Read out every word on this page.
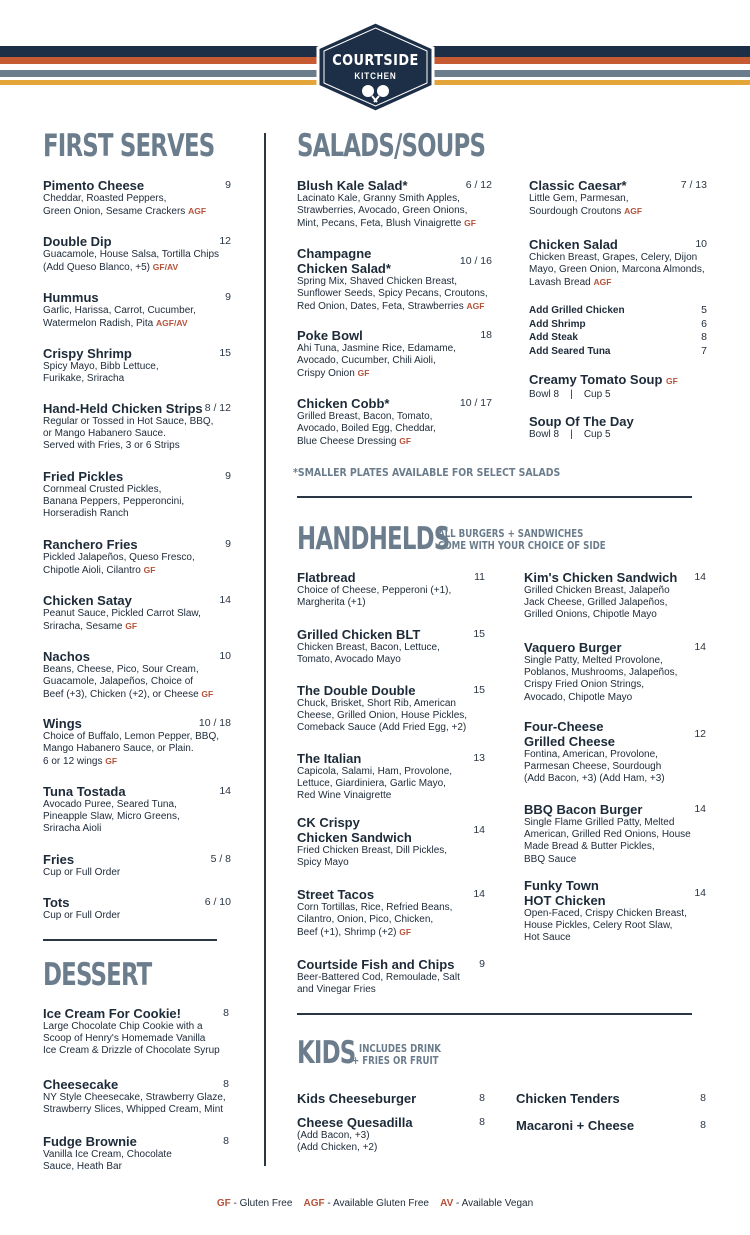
COURTSIDE
KITCHEN
FIRST SERVES	SALADS/SOUPS
HANDHELDS
ALL BURGERS + SANDWICHES
COME WITH YOUR CHOICE OF SIDE
DESSERT
KIDS INCLUDES DRINK
+ FRIES OR FRUIT
*SMALLER PLATES AVAILABLE FOR SELECT SALADS
Pimento Cheese	9
Cheddar, Roasted Peppers,
Green Onion, Sesame Crackers AGF
Double Dip	12
Guacamole, House Salsa, Tortilla Chips
(Add Queso Blanco, +5) GF/AV
Hummus	9
Garlic, Harissa, Carrot, Cucumber,
Watermelon Radish, Pita AGF/AV
Crispy Shrimp	15
Spicy Mayo, Bibb Lettuce,
Furikake, Sriracha
Hand-Held Chicken Strips 8 / 12
Regular or Tossed in Hot Sauce, BBQ,
or Mango Habanero Sauce.
Served with Fries, 3 or 6 Strips
Fried Pickles	9
Cornmeal Crusted Pickles,
Banana Peppers, Pepperoncini,
Horseradish Ranch
Ranchero Fries	9
Pickled Jalapeños, Queso Fresco,
Chipotle Aioli, Cilantro GF
Chicken Satay	14
Peanut Sauce, Pickled Carrot Slaw,
Sriracha, Sesame GF
Nachos	10
Beans, Cheese, Pico, Sour Cream,
Guacamole, Jalapeños, Choice of
Beef (+3), Chicken (+2), or Cheese GF
Wings	10 / 18
Choice of Buffalo, Lemon Pepper, BBQ,
Mango Habanero Sauce, or Plain.
6 or 12 wings GF
Tuna Tostada	14
Avocado Puree, Seared Tuna,
Pineapple Slaw, Micro Greens,
Sriracha Aioli
Fries	5 / 8
Cup or Full Order
Tots	6 / 10
Cup or Full Order
Blush Kale Salad*	6 / 12
Lacinato Kale, Granny Smith Apples,
Strawberries, Avocado, Green Onions,
Mint, Pecans, Feta, Blush Vinaigrette GF
Champagne
Chicken Salad*	10 / 16
Spring Mix, Shaved Chicken Breast,
Sunflower Seeds, Spicy Pecans, Croutons,
Red Onion, Dates, Feta, Strawberries AGF
Poke Bowl	18
Ahi Tuna, Jasmine Rice, Edamame,
Avocado, Cucumber, Chili Aioli,
Crispy Onion GF
Chicken Cobb*	10 / 17
Grilled Breast, Bacon, Tomato,
Avocado, Boiled Egg, Cheddar,
Blue Cheese Dressing GF
Classic Caesar*	7 / 13
Little Gem, Parmesan,
Sourdough Croutons AGF
Chicken Salad	10
Chicken Breast, Grapes, Celery, Dijon
Mayo, Green Onion, Marcona Almonds,
Lavash Bread AGF
Flatbread	11
Choice of Cheese, Pepperoni (+1),
Margherita (+1)
Grilled Chicken BLT	15
Chicken Breast, Bacon, Lettuce,
Tomato, Avocado Mayo
The Double Double	15
Chuck, Brisket, Short Rib, American
Cheese, Grilled Onion, House Pickles,
Comeback Sauce (Add Fried Egg, +2)
The Italian	13
Capicola, Salami, Ham, Provolone,
Lettuce, Giardiniera, Garlic Mayo,
Red Wine Vinaigrette
CK Crispy
Chicken Sandwich	14
Fried Chicken Breast, Dill Pickles,
Spicy Mayo
Street Tacos	14
Corn Tortillas, Rice, Refried Beans,
Cilantro, Onion, Pico, Chicken,
Beef (+1), Shrimp (+2) GF
Courtside Fish and Chips	9
Beer-Battered Cod, Remoulade, Salt
and Vinegar Fries
Kim's Chicken Sandwich	14
Grilled Chicken Breast, Jalapeño
Jack Cheese, Grilled Jalapeños,
Grilled Onions, Chipotle Mayo
Vaquero Burger	14
Single Patty, Melted Provolone,
Poblanos, Mushrooms, Jalapeños,
Crispy Fried Onion Strings,
Avocado, Chipotle Mayo
Four-Cheese
Grilled Cheese	12
Fontina, American, Provolone,
Parmesan Cheese, Sourdough
(Add Bacon, +3) (Add Ham, +3)
BBQ Bacon Burger	14
Single Flame Grilled Patty, Melted
American, Grilled Red Onions, House
Made Bread & Butter Pickles,
BBQ Sauce
Funky Town
HOT Chicken	14
Open-Faced, Crispy Chicken Breast,
House Pickles, Celery Root Slaw,
Hot Sauce
Ice Cream For Cookie!	8
Large Chocolate Chip Cookie with a
Scoop of Henry's Homemade Vanilla
Ice Cream & Drizzle of Chocolate Syrup
Cheesecake	8
NY Style Cheesecake, Strawberry Glaze,
Strawberry Slices, Whipped Cream, Mint
Fudge Brownie	8
Vanilla Ice Cream, Chocolate
Sauce, Heath Bar
Kids Cheeseburger	8
Cheese Quesadilla	8
(Add Bacon, +3)
(Add Chicken, +2)
Chicken Tenders	8
Macaroni + Cheese	8
Creamy Tomato Soup GF
Bowl 8    |    Cup 5
Soup Of The Day
Bowl 8    |    Cup 5
Add Grilled Chicken	5
Add Shrimp	6
Add Steak	8
Add Seared Tuna	7
GF - Gluten Free AGF - Available Gluten Free AV - Available Vegan
